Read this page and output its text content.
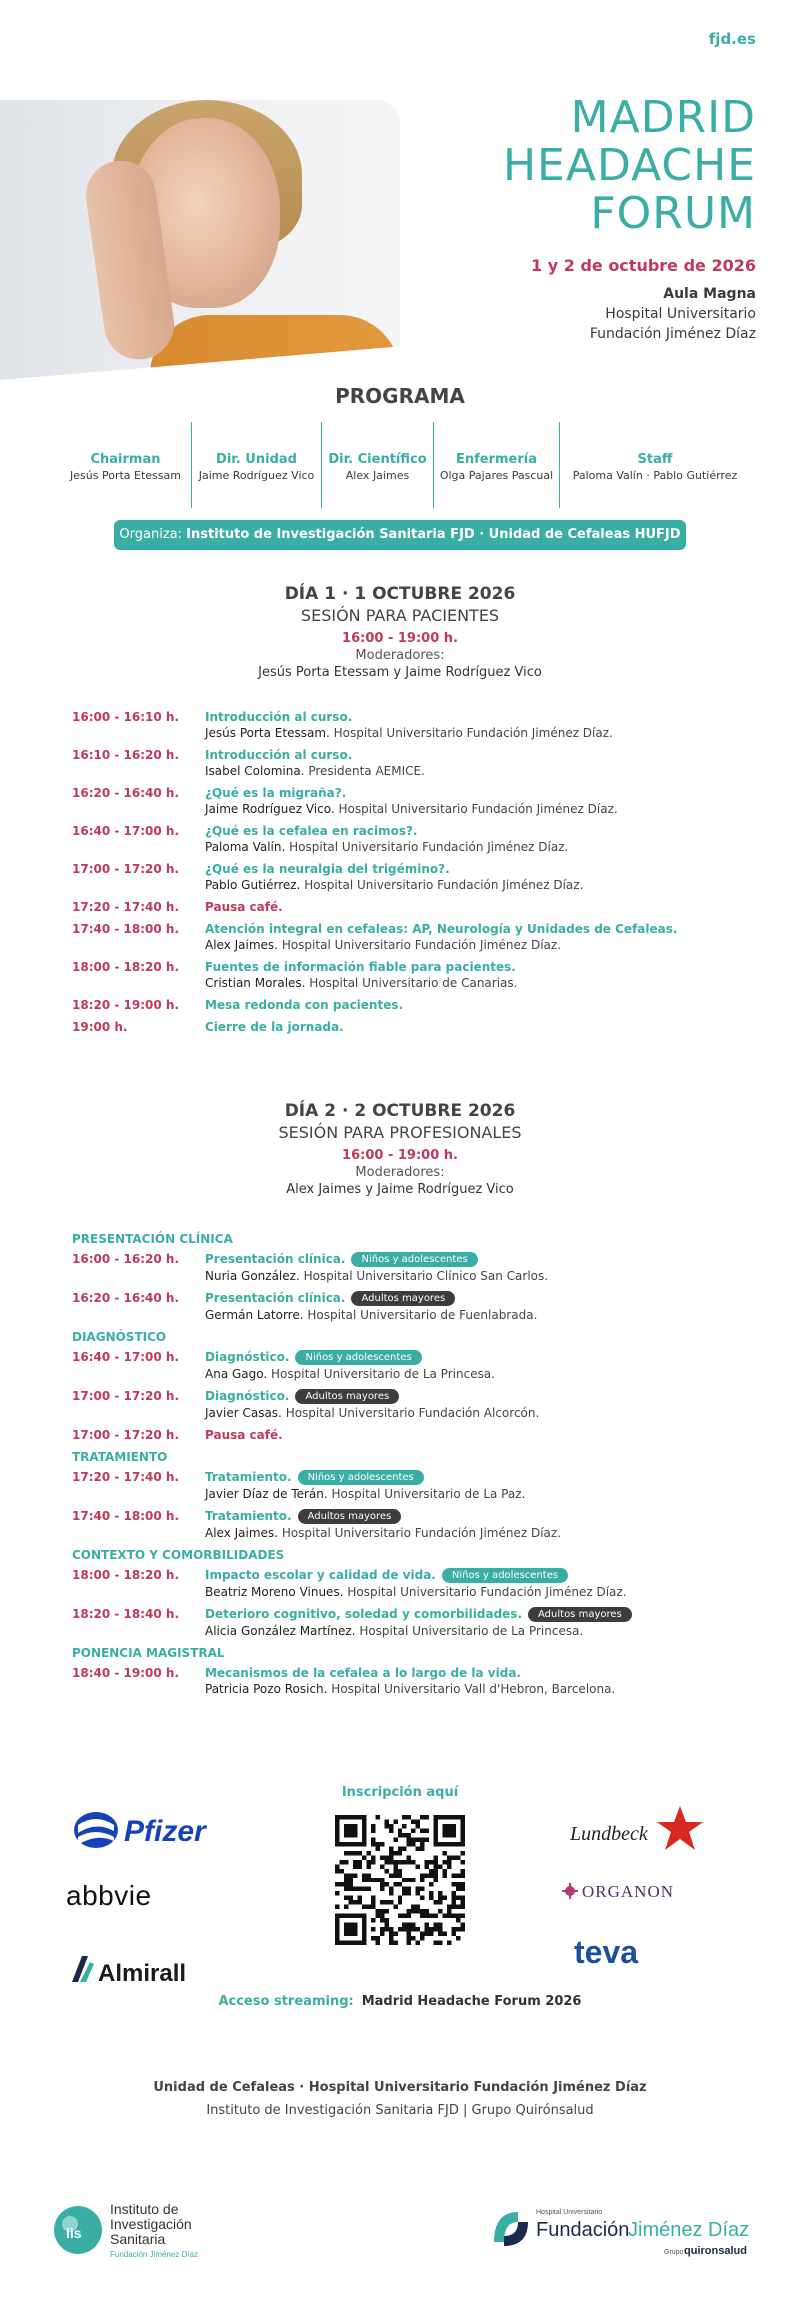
fjd.es
MADRID
HEADACHE
FORUM
1 y 2 de octubre de 2026
Aula Magna
Hospital Universitario
Fundación Jiménez Díaz
PROGRAMA
Chairman
Jesús Porta Etessam
Dir. Unidad
Jaime Rodríguez Vico
Dir. Científico
Alex Jaimes
Enfermería
Olga Pajares Pascual
Staff
Paloma Valín · Pablo Gutiérrez
Organiza: Instituto de Investigación Sanitaria FJD · Unidad de Cefaleas HUFJD
DÍA 1 · 1 OCTUBRE 2026
SESIÓN PARA PACIENTES
16:00 - 19:00 h.
Moderadores:
Jesús Porta Etessam y Jaime Rodríguez Vico
16:00 - 16:10 h.	Introducción al curso.
Jesús Porta Etessam. Hospital Universitario Fundación Jiménez Díaz.
16:10 - 16:20 h.	Introducción al curso.
Isabel Colomina. Presidenta AEMICE.
16:20 - 16:40 h.	¿Qué es la migraña?.
Jaime Rodríguez Vico. Hospital Universitario Fundación Jiménez Díaz.
16:40 - 17:00 h.	¿Qué es la cefalea en racimos?.
Paloma Valín. Hospital Universitario Fundación Jiménez Díaz.
17:00 - 17:20 h.	¿Qué es la neuralgia del trigémino?.
Pablo Gutiérrez. Hospital Universitario Fundación Jiménez Díaz.
17:20 - 17:40 h.	Pausa café.
17:40 - 18:00 h.	Atención integral en cefaleas: AP, Neurología y Unidades de Cefaleas.
Alex Jaimes. Hospital Universitario Fundación Jiménez Díaz.
18:00 - 18:20 h.	Fuentes de información fiable para pacientes.
Cristian Morales. Hospital Universitario de Canarias.
18:20 - 19:00 h.	Mesa redonda con pacientes.
19:00 h.	Cierre de la jornada.
DÍA 2 · 2 OCTUBRE 2026
SESIÓN PARA PROFESIONALES
16:00 - 19:00 h.
Moderadores:
Alex Jaimes y Jaime Rodríguez Vico
PRESENTACIÓN CLÍNICA
16:00 - 16:20 h.	Presentación clínica. Niños y adolescentes
Nuria González. Hospital Universitario Clínico San Carlos.
16:20 - 16:40 h.	Presentación clínica. Adultos mayores
Germán Latorre. Hospital Universitario de Fuenlabrada.
DIAGNÓSTICO
16:40 - 17:00 h.	Diagnóstico. Niños y adolescentes
Ana Gago. Hospital Universitario de La Princesa.
17:00 - 17:20 h.	Diagnóstico. Adultos mayores
Javier Casas. Hospital Universitario Fundación Alcorcón.
17:00 - 17:20 h.	Pausa café.
TRATAMIENTO
17:20 - 17:40 h.	Tratamiento. Niños y adolescentes
Javier Díaz de Terán. Hospital Universitario de La Paz.
17:40 - 18:00 h.	Tratamiento. Adultos mayores
Alex Jaimes. Hospital Universitario Fundación Jiménez Díaz.
CONTEXTO Y COMORBILIDADES
18:00 - 18:20 h.	Impacto escolar y calidad de vida. Niños y adolescentes
Beatriz Moreno Vinues. Hospital Universitario Fundación Jiménez Díaz.
18:20 - 18:40 h.	Deterioro cognitivo, soledad y comorbilidades. Adultos mayores
Alicia González Martínez. Hospital Universitario de La Princesa.
PONENCIA MAGISTRAL
18:40 - 19:00 h.	Mecanismos de la cefalea a lo largo de la vida.
Patricia Pozo Rosich. Hospital Universitario Vall d'Hebron, Barcelona.
Pfizer
abbvie
Almirall
Inscripción aquí
Lundbeck
ORGANON
teva
Acceso streaming: Madrid Headache Forum 2026
Unidad de Cefaleas · Hospital Universitario Fundación Jiménez Díaz
Instituto de Investigación Sanitaria FJD | Grupo Quirónsalud
iis
Instituto de
Investigación
Sanitaria
Fundación Jiménez Díaz
Hospital Universitario
Fundación
Jiménez Díaz
Grupo quironsalud
